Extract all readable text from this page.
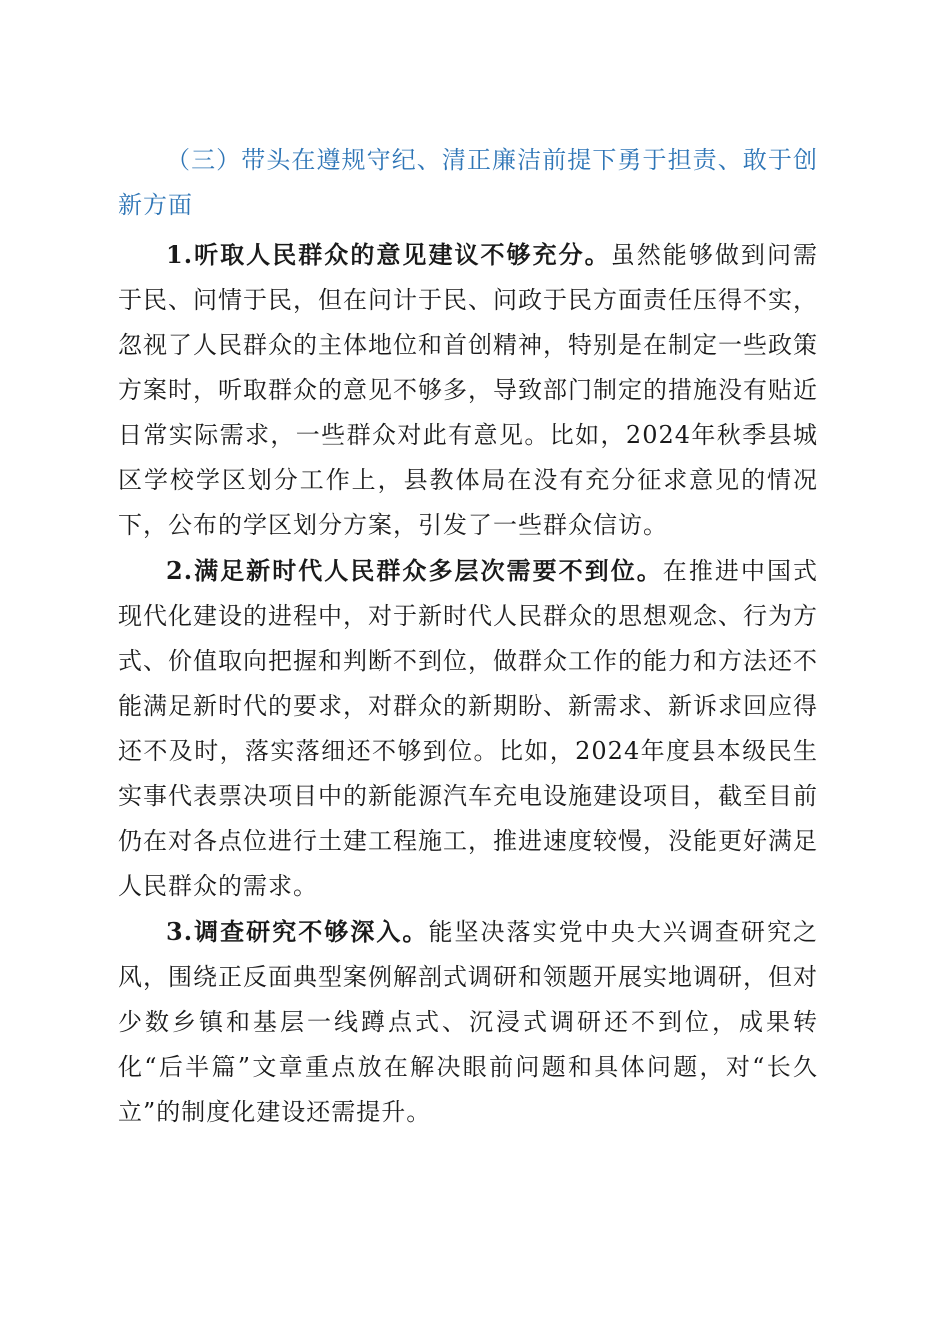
（三）带头在遵规守纪、清正廉洁前提下勇于担责、敢于创新方面

1.听取人民群众的意见建议不够充分。虽然能够做到问需于民、问情于民，但在问计于民、问政于民方面责任压得不实，忽视了人民群众的主体地位和首创精神，特别是在制定一些政策方案时，听取群众的意见不够多，导致部门制定的措施没有贴近日常实际需求，一些群众对此有意见。比如，2024年秋季县城区学校学区划分工作上，县教体局在没有充分征求意见的情况下，公布的学区划分方案，引发了一些群众信访。

2.满足新时代人民群众多层次需要不到位。在推进中国式现代化建设的进程中，对于新时代人民群众的思想观念、行为方式、价值取向把握和判断不到位，做群众工作的能力和方法还不能满足新时代的要求，对群众的新期盼、新需求、新诉求回应得还不及时，落实落细还不够到位。比如，2024年度县本级民生实事代表票决项目中的新能源汽车充电设施建设项目，截至目前仍在对各点位进行土建工程施工，推进速度较慢，没能更好满足人民群众的需求。

3.调查研究不够深入。能坚决落实党中央大兴调查研究之风，围绕正反面典型案例解剖式调研和领题开展实地调研，但对少数乡镇和基层一线蹲点式、沉浸式调研还不到位，成果转化“后半篇”文章重点放在解决眼前问题和具体问题，对“长久立”的制度化建设还需提升。
